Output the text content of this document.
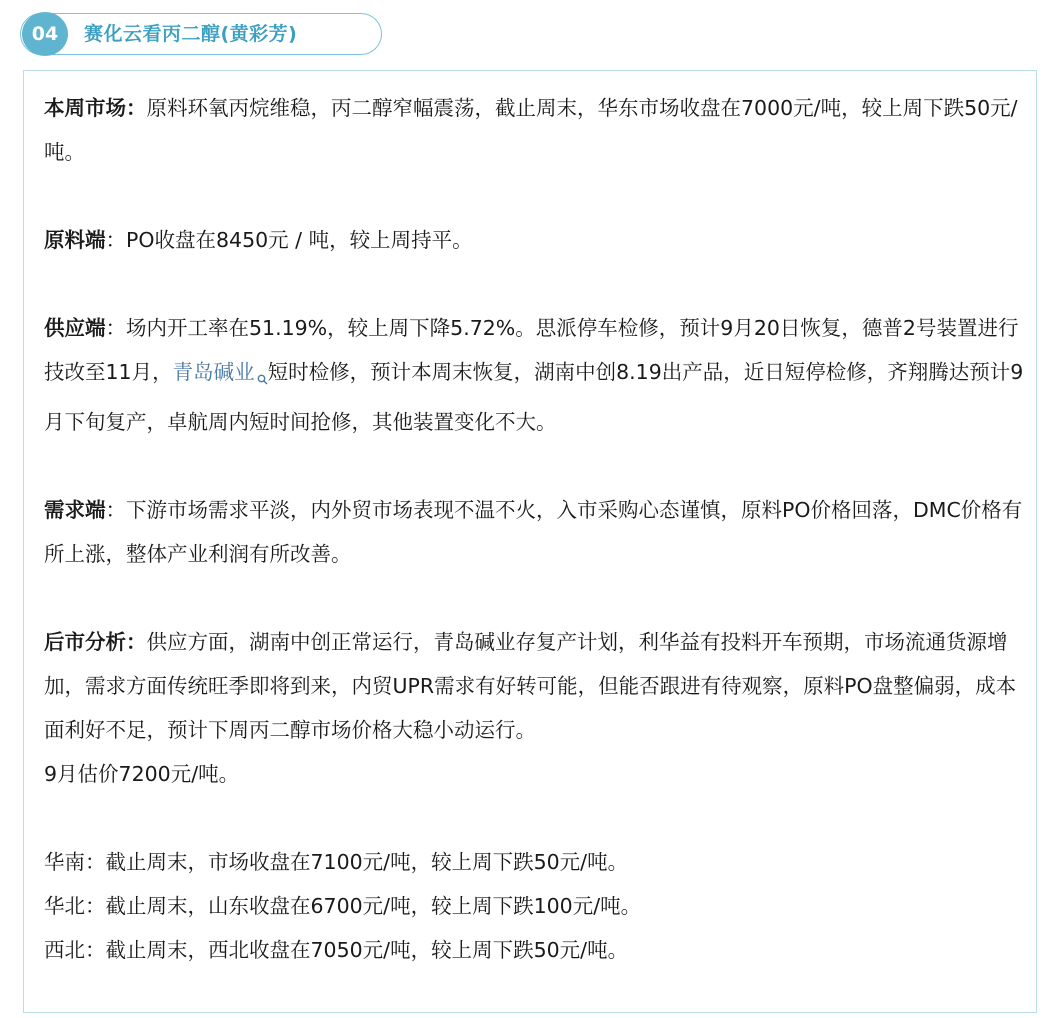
04	赛化云看丙二醇(黄彩芳)

本周市场：原料环氧丙烷维稳，丙二醇窄幅震荡，截止周末，华东市场收盘在7000元/吨，较上周下跌50元/吨。

原料端：PO收盘在8450元 / 吨，较上周持平。

供应端：场内开工率在51.19%，较上周下降5.72%。思派停车检修，预计9月20日恢复，德普2号装置进行技改至11月，青岛碱业 短时检修，预计本周末恢复，湖南中创8.19出产品，近日短停检修，齐翔腾达预计9月下旬复产，卓航周内短时间抢修，其他装置变化不大。

需求端：下游市场需求平淡，内外贸市场表现不温不火，入市采购心态谨慎，原料PO价格回落，DMC价格有所上涨，整体产业利润有所改善。

后市分析：供应方面，湖南中创正常运行，青岛碱业存复产计划，利华益有投料开车预期，市场流通货源增加，需求方面传统旺季即将到来，内贸UPR需求有好转可能，但能否跟进有待观察，原料PO盘整偏弱，成本面利好不足，预计下周丙二醇市场价格大稳小动运行。

9月估价7200元/吨。

华南：截止周末，市场收盘在7100元/吨，较上周下跌50元/吨。

华北：截止周末，山东收盘在6700元/吨，较上周下跌100元/吨。

西北：截止周末，西北收盘在7050元/吨，较上周下跌50元/吨。
